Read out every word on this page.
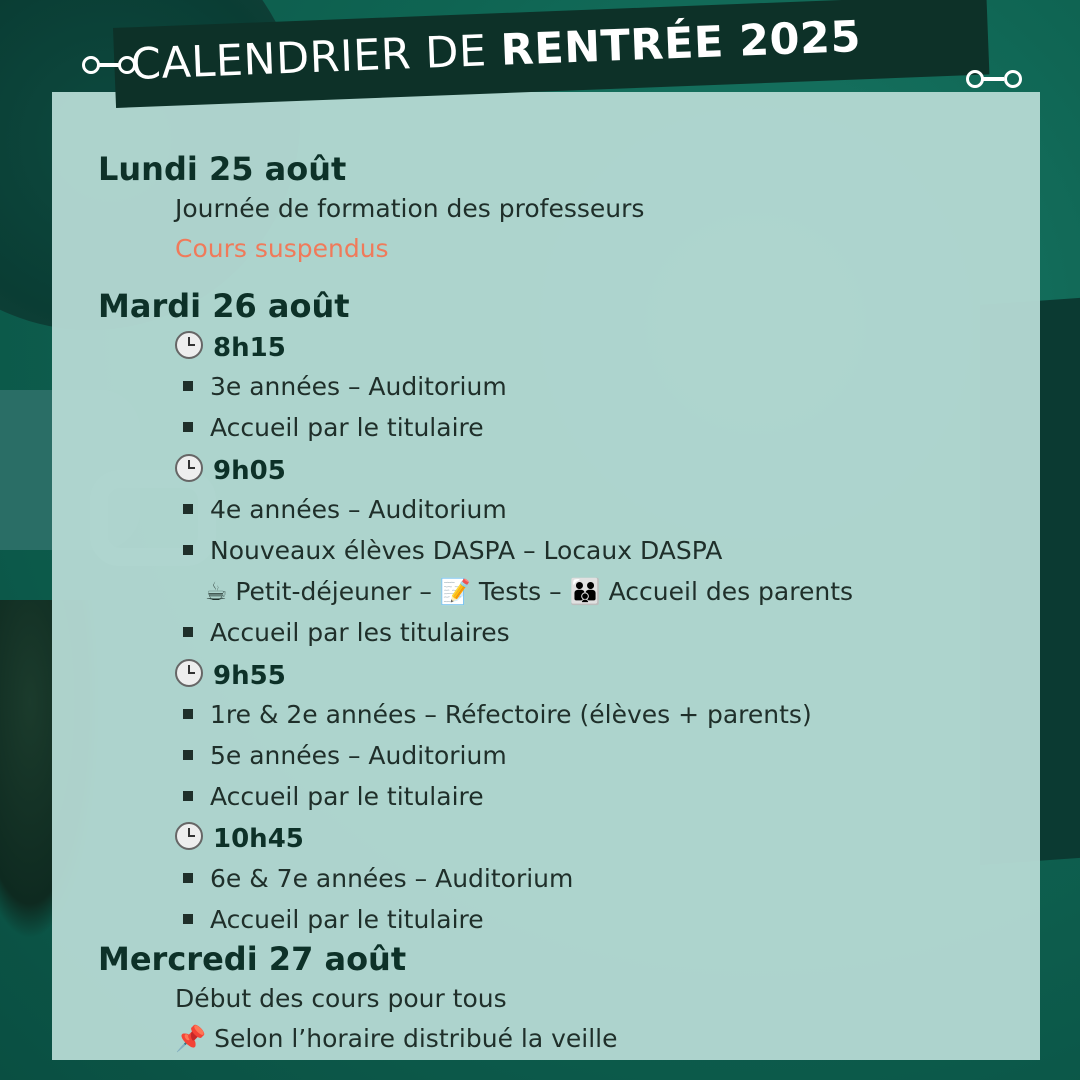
CALENDRIER DE RENTRÉE 2025
Lundi 25 août
Journée de formation des professeurs
Cours suspendus
Mardi 26 août
8h15
3e années – Auditorium
Accueil par le titulaire
9h05
4e années – Auditorium
Nouveaux élèves DASPA – Locaux DASPA
☕ Petit-déjeuner – 📝 Tests – 👪 Accueil des parents
Accueil par les titulaires
9h55
1re & 2e années – Réfectoire (élèves + parents)
5e années – Auditorium
Accueil par le titulaire
10h45
6e & 7e années – Auditorium
Accueil par le titulaire
Mercredi 27 août
Début des cours pour tous
📌 Selon l’horaire distribué la veille
